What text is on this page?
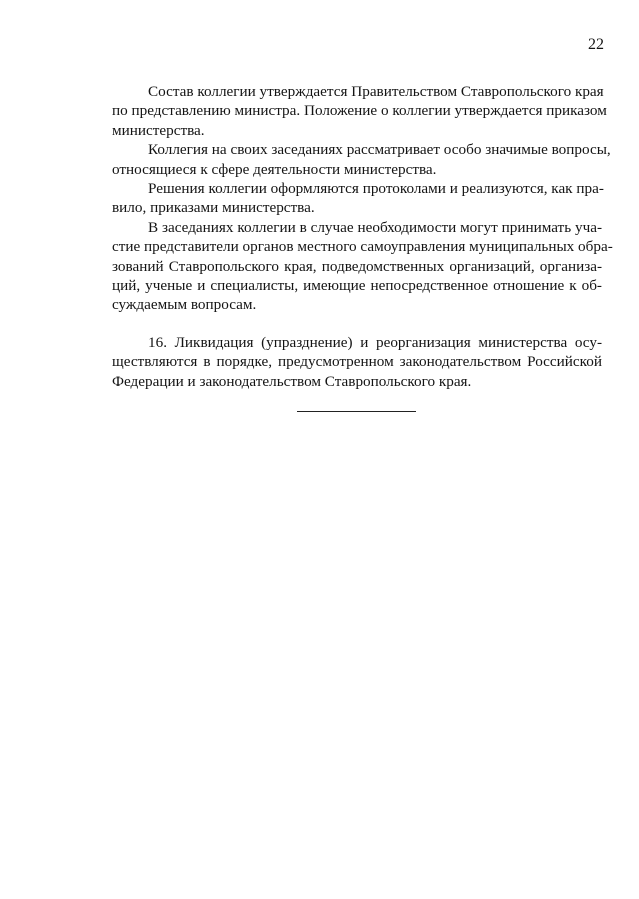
22

Состав коллегии утверждается Правительством Ставропольского края
по представлению министра. Положение о коллегии утверждается приказом
министерства.

Коллегия на своих заседаниях рассматривает особо значимые вопросы,
относящиеся к сфере деятельности министерства.

Решения коллегии оформляются протоколами и реализуются, как пра-
вило, приказами министерства.

В заседаниях коллегии в случае необходимости могут принимать уча-
стие представители органов местного самоуправления муниципальных обра-
зований Ставропольского края, подведомственных организаций, организа-
ций, ученые и специалисты, имеющие непосредственное отношение к об-
суждаемым вопросам.

16. Ликвидация (упразднение) и реорганизация министерства осу-
ществляются в порядке, предусмотренном законодательством Российской
Федерации и законодательством Ставропольского края.
